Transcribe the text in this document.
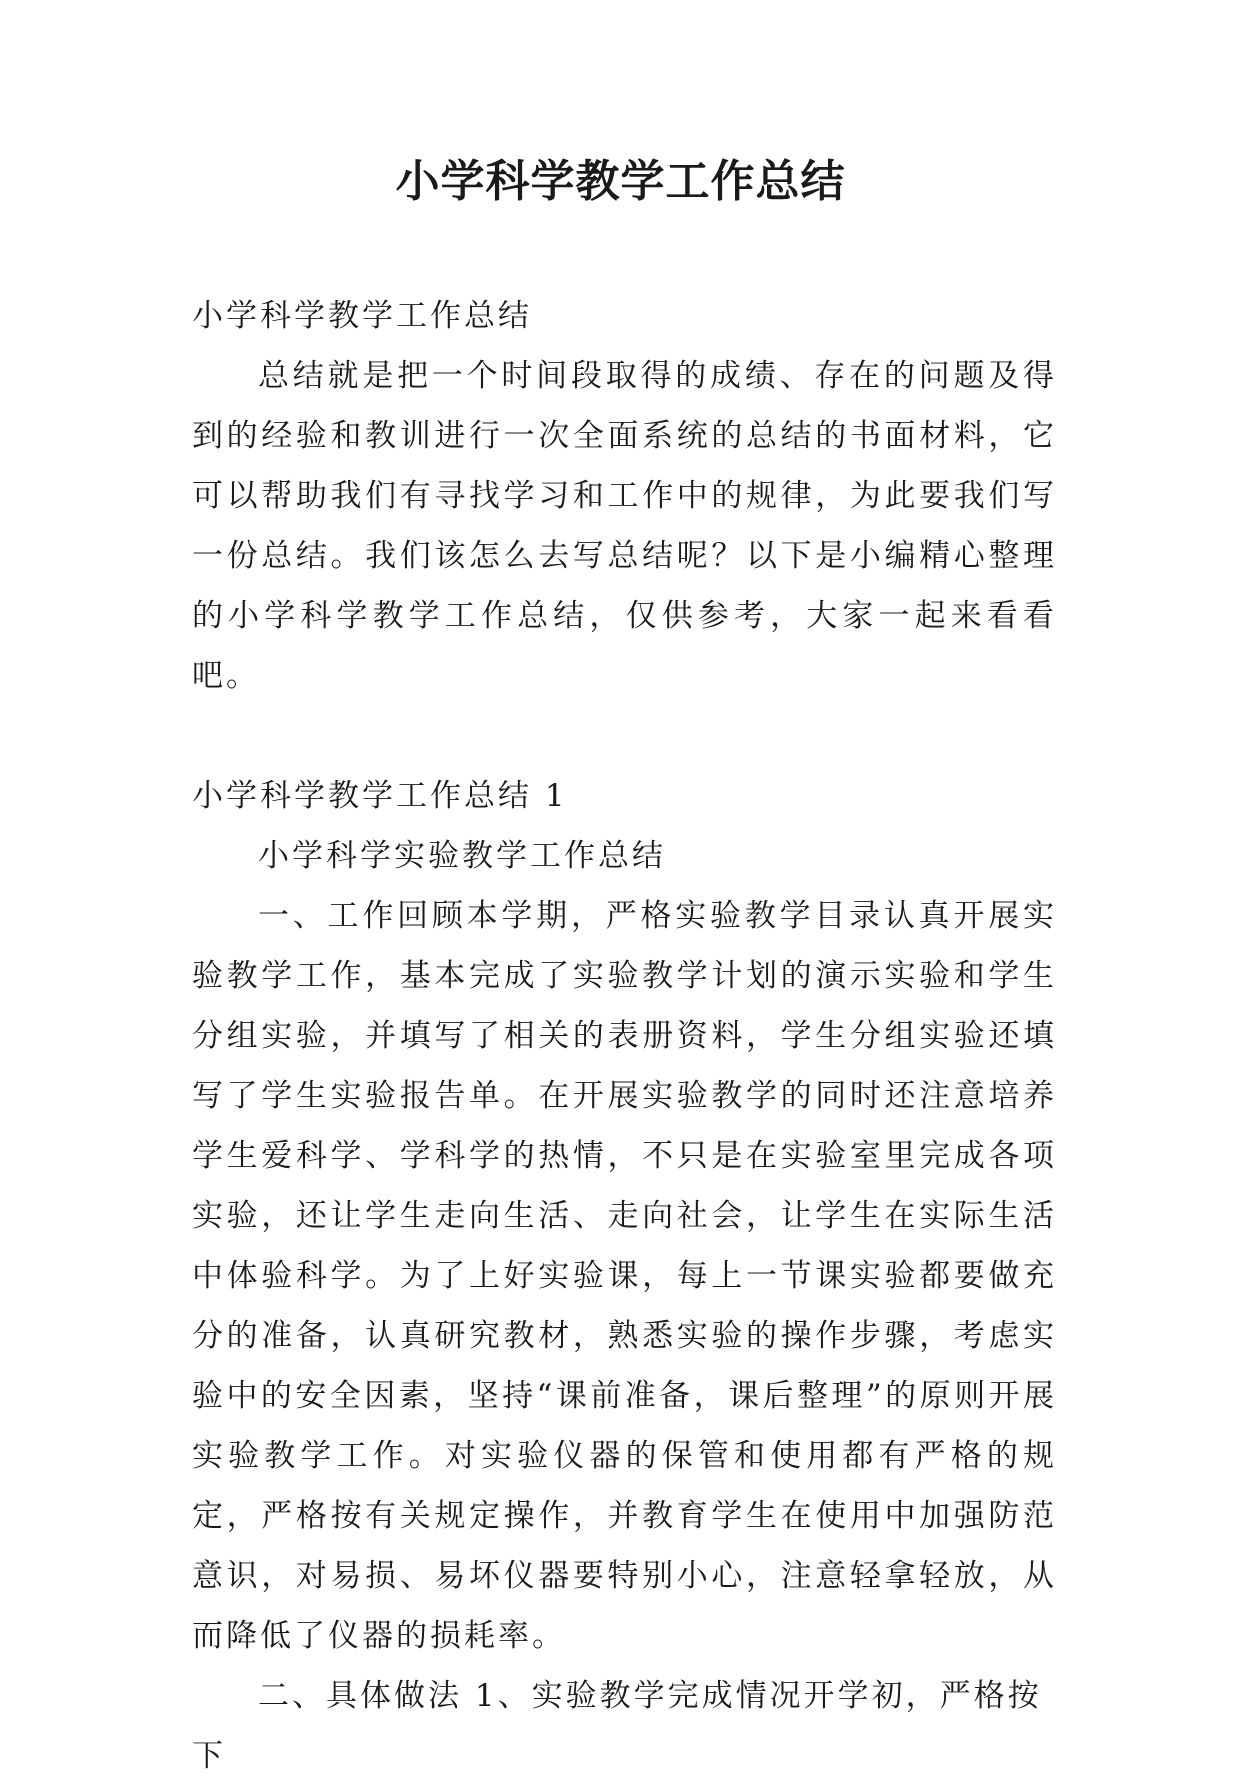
小学科学教学工作总结

小学科学教学工作总结

总结就是把一个时间段取得的成绩、存在的问题及得到的经验和教训进行一次全面系统的总结的书面材料，它可以帮助我们有寻找学习和工作中的规律，为此要我们写一份总结。我们该怎么去写总结呢？以下是小编精心整理的小学科学教学工作总结，仅供参考，大家一起来看看吧。

小学科学教学工作总结 1

小学科学实验教学工作总结

一、工作回顾本学期，严格实验教学目录认真开展实验教学工作，基本完成了实验教学计划的演示实验和学生分组实验，并填写了相关的表册资料，学生分组实验还填写了学生实验报告单。在开展实验教学的同时还注意培养学生爱科学、学科学的热情，不只是在实验室里完成各项实验，还让学生走向生活、走向社会，让学生在实际生活中体验科学。为了上好实验课，每上一节课实验都要做充分的准备，认真研究教材，熟悉实验的操作步骤，考虑实验中的安全因素，坚持“课前准备，课后整理”的原则开展实验教学工作。对实验仪器的保管和使用都有严格的规定，严格按有关规定操作，并教育学生在使用中加强防范意识，对易损、易坏仪器要特别小心，注意轻拿轻放，从而降低了仪器的损耗率。

二、具体做法 1、实验教学完成情况开学初，严格按下
